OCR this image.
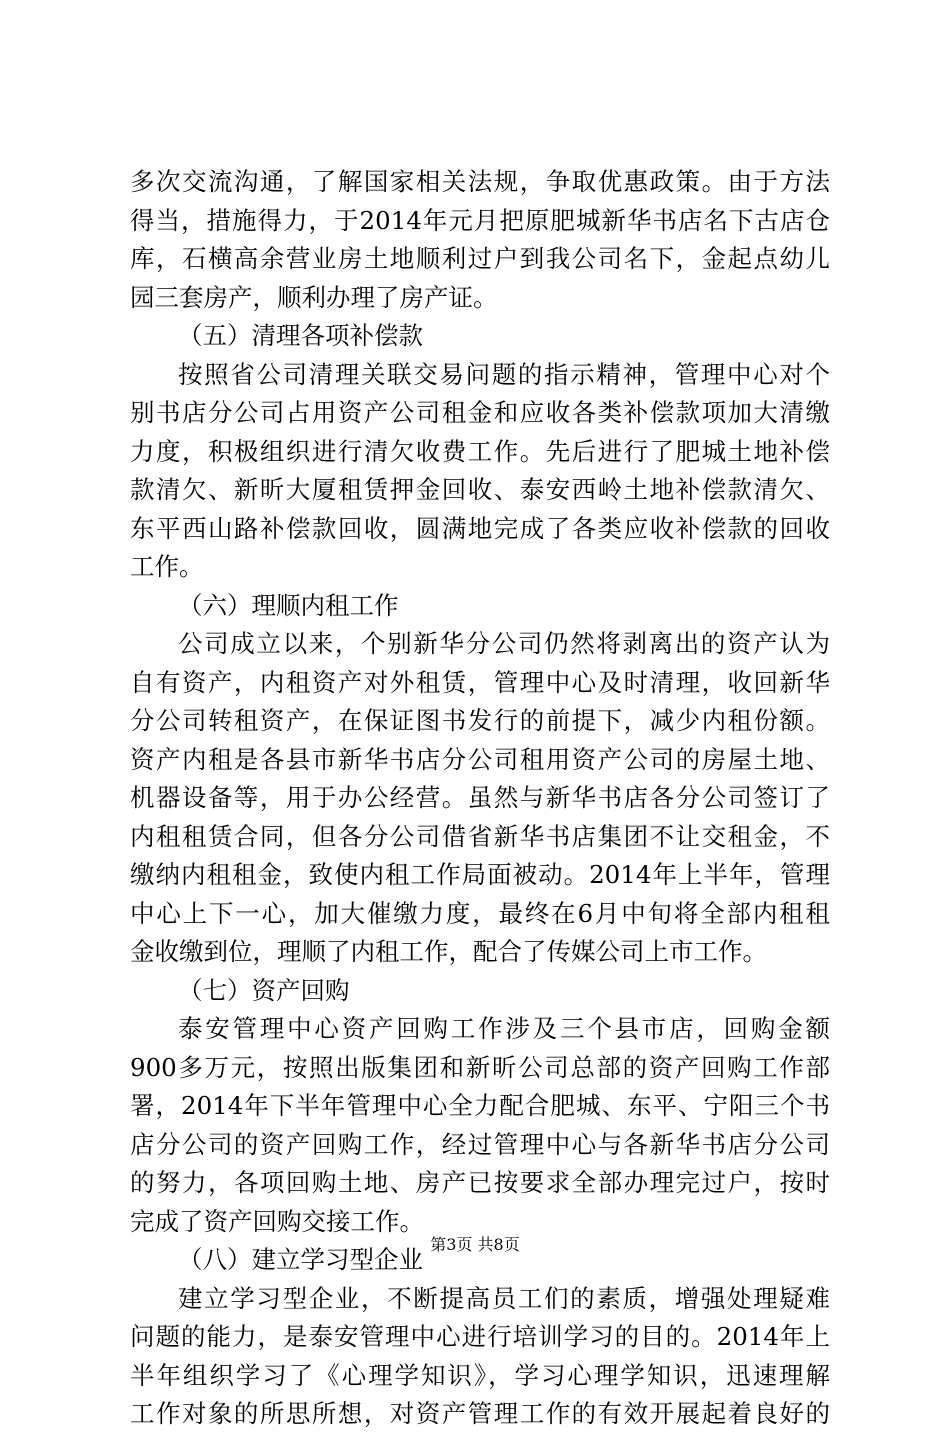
多次交流沟通，了解国家相关法规，争取优惠政策。由于方法
得当，措施得力，于2014年元月把原肥城新华书店名下古店仓
库，石横高余营业房土地顺利过户到我公司名下，金起点幼儿
园三套房产，顺利办理了房产证。
（五）清理各项补偿款
按照省公司清理关联交易问题的指示精神，管理中心对个
别书店分公司占用资产公司租金和应收各类补偿款项加大清缴
力度，积极组织进行清欠收费工作。先后进行了肥城土地补偿
款清欠、新昕大厦租赁押金回收、泰安西岭土地补偿款清欠、
东平西山路补偿款回收，圆满地完成了各类应收补偿款的回收
工作。
（六）理顺内租工作
公司成立以来，个别新华分公司仍然将剥离出的资产认为
自有资产，内租资产对外租赁，管理中心及时清理，收回新华
分公司转租资产，在保证图书发行的前提下，减少内租份额。
资产内租是各县市新华书店分公司租用资产公司的房屋土地、
机器设备等，用于办公经营。虽然与新华书店各分公司签订了
内租租赁合同，但各分公司借省新华书店集团不让交租金，不
缴纳内租租金，致使内租工作局面被动。2014年上半年，管理
中心上下一心，加大催缴力度，最终在6月中旬将全部内租租
金收缴到位，理顺了内租工作，配合了传媒公司上市工作。
（七）资产回购
泰安管理中心资产回购工作涉及三个县市店，回购金额
900多万元，按照出版集团和新昕公司总部的资产回购工作部
署，2014年下半年管理中心全力配合肥城、东平、宁阳三个书
店分公司的资产回购工作，经过管理中心与各新华书店分公司
的努力，各项回购土地、房产已按要求全部办理完过户，按时
完成了资产回购交接工作。
（八）建立学习型企业
建立学习型企业，不断提高员工们的素质，增强处理疑难
问题的能力，是泰安管理中心进行培训学习的目的。2014年上
半年组织学习了《心理学知识》，学习心理学知识，迅速理解
工作对象的所思所想，对资产管理工作的有效开展起着良好的
第3页 共8页
